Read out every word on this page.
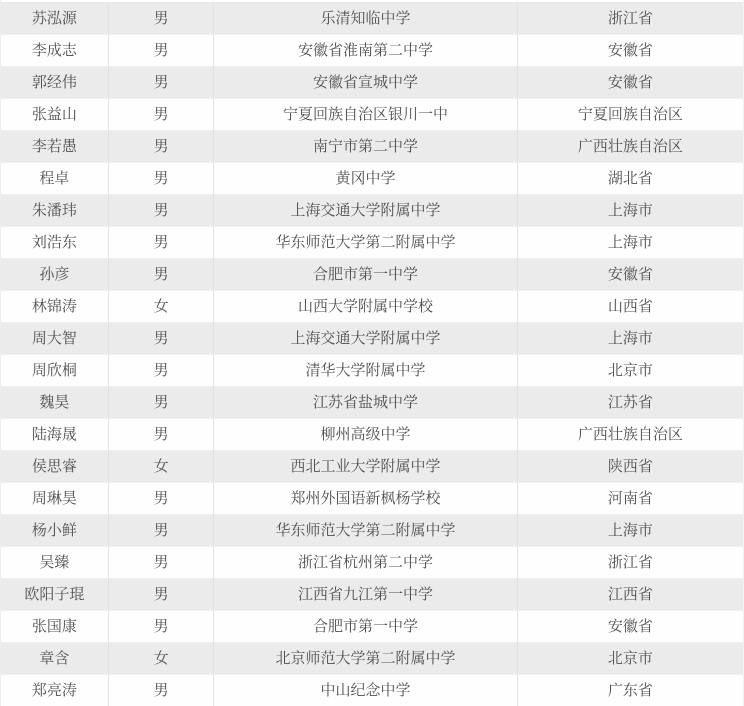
苏泓源	男	乐清知临中学	浙江省
李成志	男	安徽省淮南第二中学	安徽省
郭经伟	男	安徽省宣城中学	安徽省
张益山	男	宁夏回族自治区银川一中	宁夏回族自治区
李若愚	男	南宁市第二中学	广西壮族自治区
程卓	男	黄冈中学	湖北省
朱潘玮	男	上海交通大学附属中学	上海市
刘浩东	男	华东师范大学第二附属中学	上海市
孙彦	男	合肥市第一中学	安徽省
林锦涛	女	山西大学附属中学校	山西省
周大智	男	上海交通大学附属中学	上海市
周欣桐	男	清华大学附属中学	北京市
魏昊	男	江苏省盐城中学	江苏省
陆海晟	男	柳州高级中学	广西壮族自治区
侯思睿	女	西北工业大学附属中学	陕西省
周琳昊	男	郑州外国语新枫杨学校	河南省
杨小鲜	男	华东师范大学第二附属中学	上海市
吴臻	男	浙江省杭州第二中学	浙江省
欧阳子琨	男	江西省九江第一中学	江西省
张国康	男	合肥市第一中学	安徽省
章含	女	北京师范大学第二附属中学	北京市
郑亮涛	男	中山纪念中学	广东省
